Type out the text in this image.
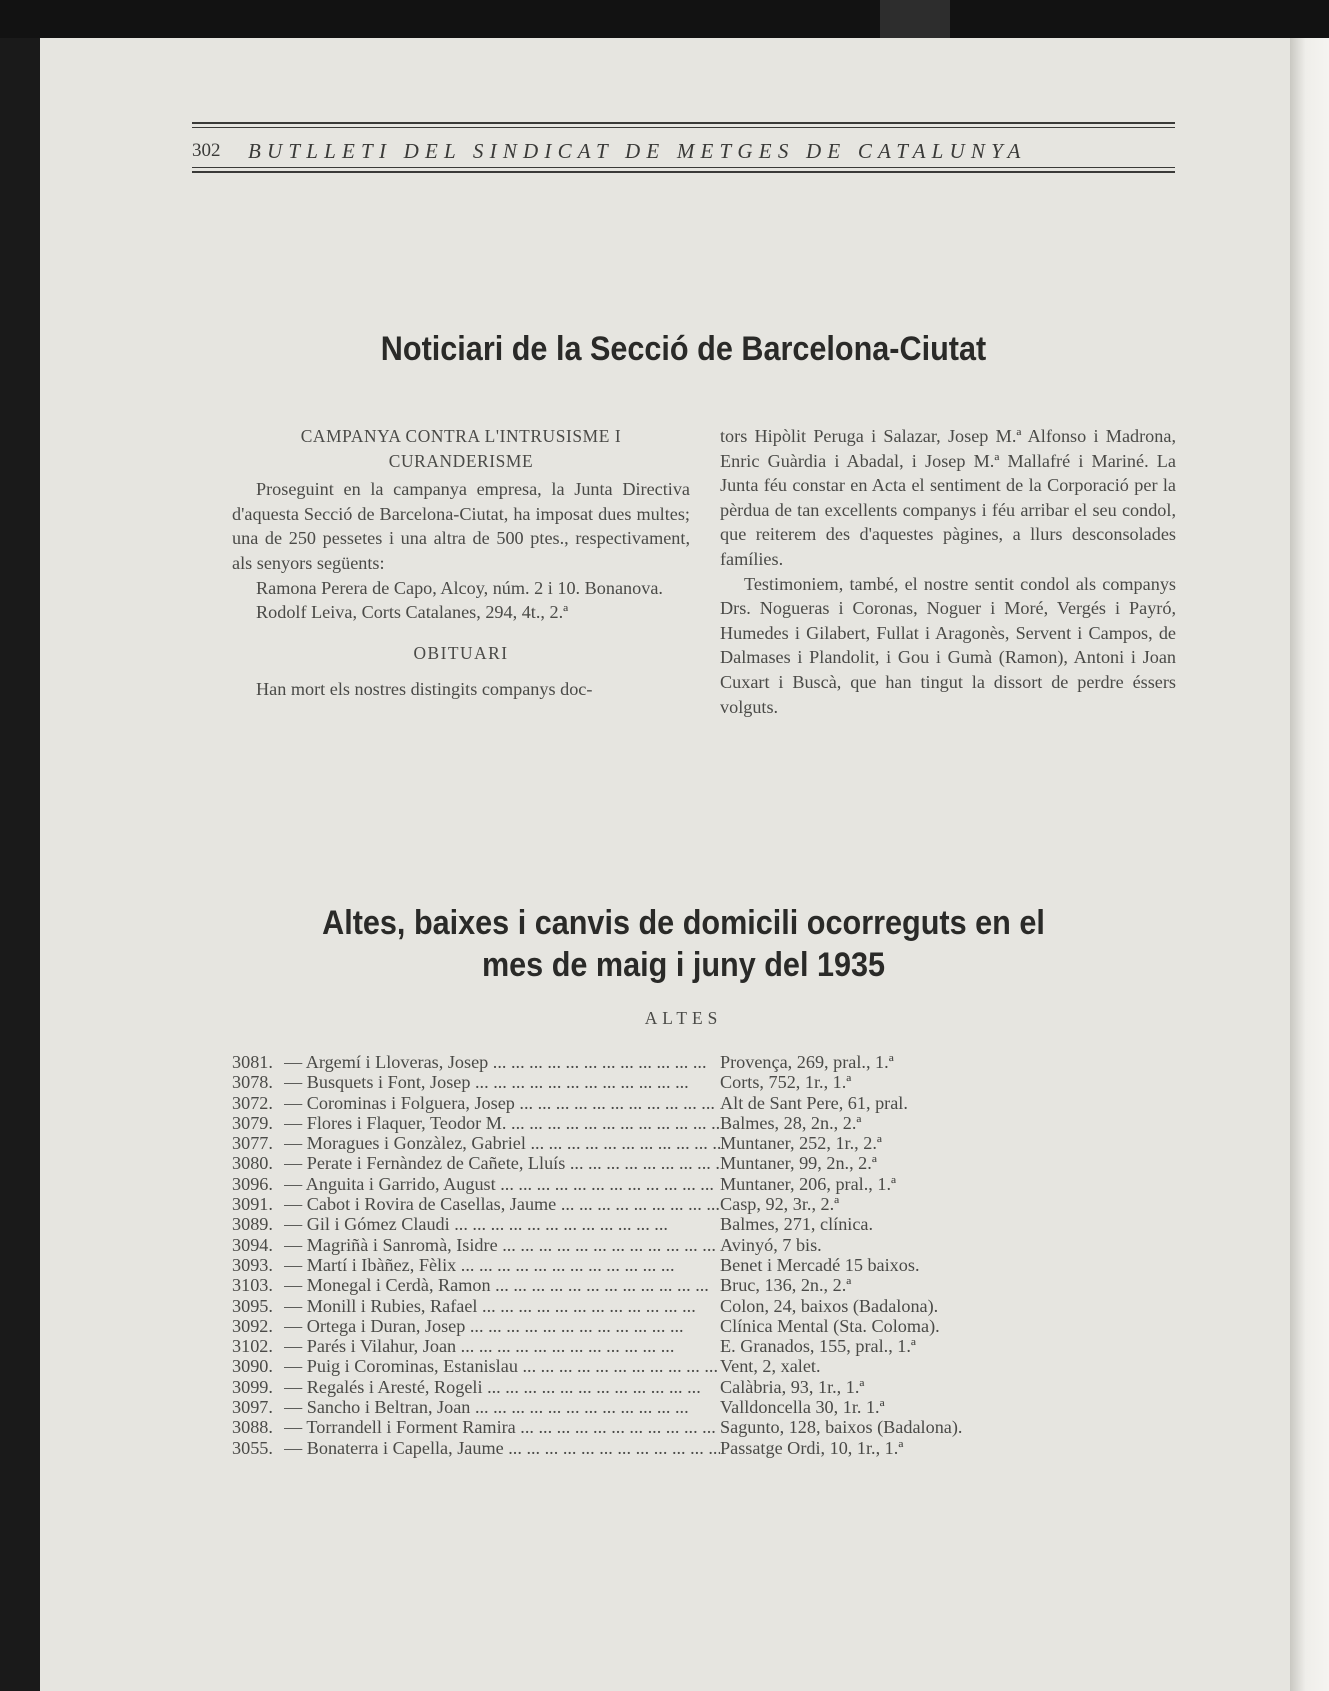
302 BUTLLETI DEL SINDICAT DE METGES DE CATALUNYA
Noticiari de la Secció de Barcelona-Ciutat
CAMPANYA CONTRA L'INTRUSISME I
CURANDERISME

Proseguint en la campanya empresa, la Junta Directiva d'aquesta Secció de Barcelona-Ciutat, ha imposat dues multes; una de 250 pessetes i una altra de 500 ptes., respectivament, als senyors següents:

Ramona Perera de Capo, Alcoy, núm. 2 i 10. Bonanova.

Rodolf Leiva, Corts Catalanes, 294, 4t., 2.ª

OBITUARI

Han mort els nostres distingits companys doc-

tors Hipòlit Peruga i Salazar, Josep M.ª Alfonso i Madrona, Enric Guàrdia i Abadal, i Josep M.ª Mallafré i Mariné. La Junta féu constar en Acta el sentiment de la Corporació per la pèrdua de tan excellents companys i féu arribar el seu condol, que reiterem des d'aquestes pàgines, a llurs desconsolades famílies.

Testimoniem, també, el nostre sentit condol als companys Drs. Nogueras i Coronas, Noguer i Moré, Vergés i Payró, Humedes i Gilabert, Fullat i Aragonès, Servent i Campos, de Dalmases i Plandolit, i Gou i Gumà (Ramon), Antoni i Joan Cuxart i Buscà, que han tingut la dissort de perdre éssers volguts.

Altes, baixes i canvis de domicili ocorreguts en el
mes de maig i juny del 1935
ALTES
3081. — Argemí i Lloveras, Josep ... .	Provença, 269, pral., 1.ª
3078. — Busquets i Font, Josep ... .	Corts, 752, 1r., 1.ª
3072. — Corominas i Folguera, Josep ... .	Alt de Sant Pere, 61, pral.
3079. — Flores i Flaquer, Teodor M. ... .	Balmes, 28, 2n., 2.ª
3077. — Moragues i Gonzàlez, Gabriel ... .	Muntaner, 252, 1r., 2.ª
3080. — Perate i Fernàndez de Cañete, Lluís ... .	Muntaner, 99, 2n., 2.ª
3096. — Anguita i Garrido, August ... .	Muntaner, 206, pral., 1.ª
3091. — Cabot i Rovira de Casellas, Jaume ... .	Casp, 92, 3r., 2.ª
3089. — Gil i Gómez Claudi ... .	Balmes, 271, clínica.
3094. — Magriñà i Sanromà, Isidre ... .	Avinyó, 7 bis.
3093. — Martí i Ibàñez, Fèlix ... .	Benet i Mercadé 15 baixos.
3103. — Monegal i Cerdà, Ramon ... .	Bruc, 136, 2n., 2.ª
3095. — Monill i Rubies, Rafael ... .	Colon, 24, baixos (Badalona).
3092. — Ortega i Duran, Josep ... .	Clínica Mental (Sta. Coloma).
3102. — Parés i Vilahur, Joan ... .	E. Granados, 155, pral., 1.ª
3090. — Puig i Corominas, Estanislau ... .	Vent, 2, xalet.
3099. — Regalés i Aresté, Rogeli ... .	Calàbria, 93, 1r., 1.ª
3097. — Sancho i Beltran, Joan ... .	Valldoncella 30, 1r. 1.ª
3088. — Torrandell i Forment Ramira ... .	Sagunto, 128, baixos (Badalona).
3055. — Bonaterra i Capella, Jaume ... .	Passatge Ordi, 10, 1r., 1.ª
